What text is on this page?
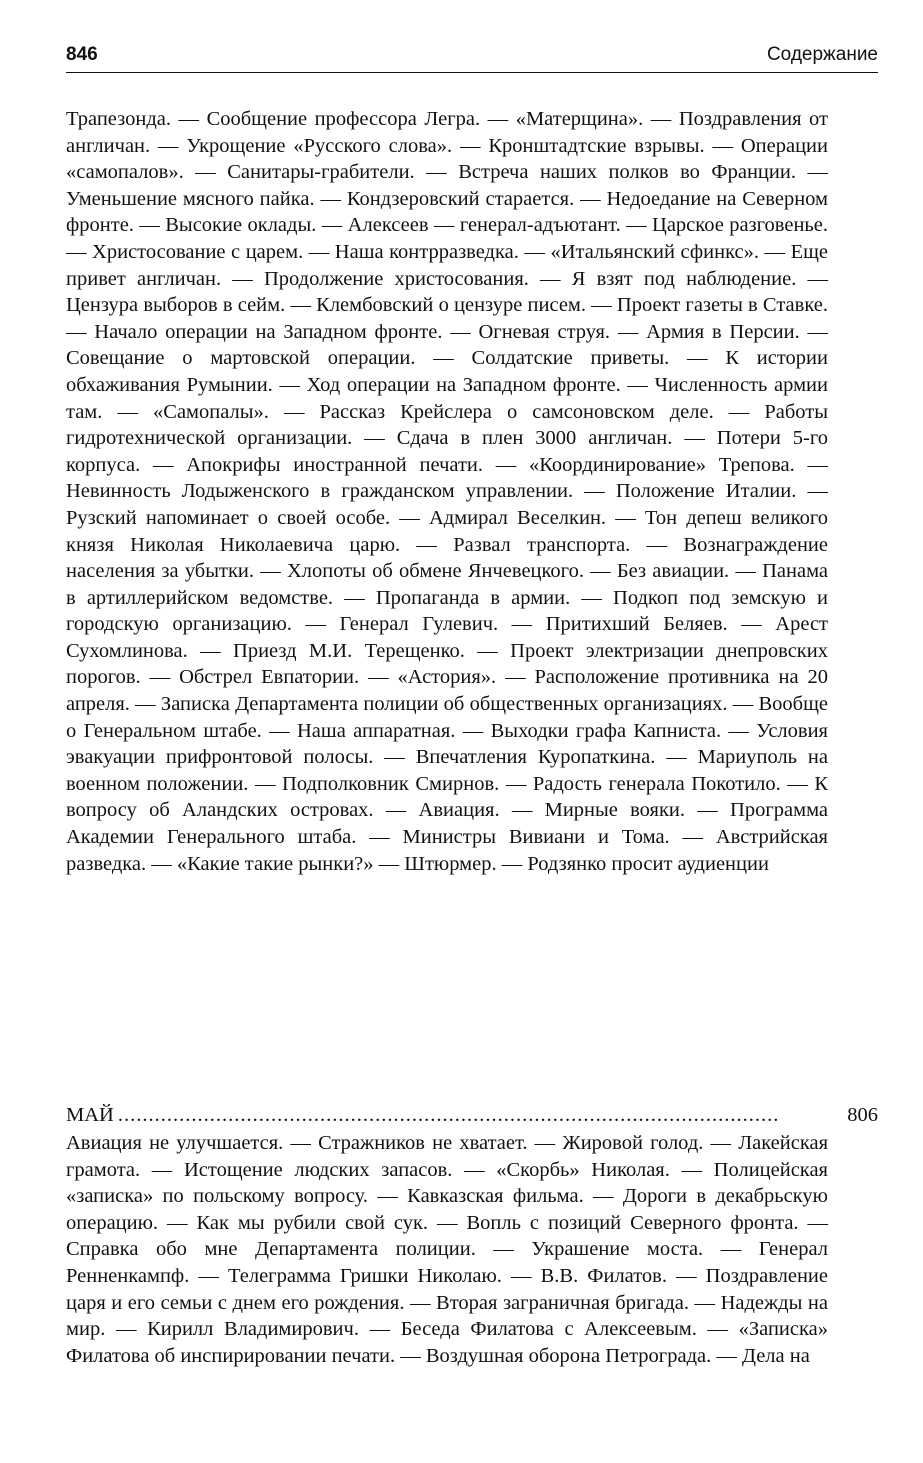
846	Содержание

Трапезонда. — Сообщение профессора Легра. — «Матерщина». — Поздравления от англичан. — Укрощение «Русского слова». — Кронштадтские взрывы. — Операции «самопалов». — Санитары-грабители. — Встреча наших полков во Франции. — Уменьшение мясного пайка. — Кондзеровский старается. — Недоедание на Северном фронте. — Высокие оклады. — Алексеев — генерал-адъютант. — Царское разговенье. — Христосование с царем. — Наша контрразведка. — «Итальянский сфинкс». — Еще привет англичан. — Продолжение христосования. — Я взят под наблюдение. — Цензура выборов в сейм. — Клембовский о цензуре писем. — Проект газеты в Ставке. — Начало операции на Западном фронте. — Огневая струя. — Армия в Персии. — Совещание о мартовской операции. — Солдатские приветы. — К истории обхаживания Румынии. — Ход операции на Западном фронте. — Численность армии там. — «Самопалы». — Рассказ Крейслера о самсоновском деле. — Работы гидротехнической организации. — Сдача в плен 3000 англичан. — Потери 5-го корпуса. — Апокрифы иностранной печати. — «Координирование» Трепова. — Невинность Лодыженского в гражданском управлении. — Положение Италии. — Рузский напоминает о своей особе. — Адмирал Веселкин. — Тон депеш великого князя Николая Николаевича царю. — Развал транспорта. — Вознаграждение населения за убытки. — Хлопоты об обмене Янчевецкого. — Без авиации. — Панама в артиллерийском ведомстве. — Пропаганда в армии. — Подкоп под земскую и городскую организацию. — Генерал Гулевич. — Притихший Беляев. — Арест Сухомлинова. — Приезд М.И. Терещенко. — Проект электризации днепровских порогов. — Обстрел Евпатории. — «Астория». — Расположение противника на 20 апреля. — Записка Департамента полиции об общественных организациях. — Вообще о Генеральном штабе. — Наша аппаратная. — Выходки графа Капниста. — Условия эвакуации прифронтовой полосы. — Впечатления Куропаткина. — Мариуполь на военном положении. — Подполковник Смирнов. — Радость генерала Покотило. — К вопросу об Аландских островах. — Авиация. — Мирные вояки. — Программа Академии Генерального штаба. — Министры Вивиани и Тома. — Австрийская разведка. — «Какие такие рынки?» — Штюрмер. — Родзянко просит аудиенции

МАЙ ............................................................................................................	806

Авиация не улучшается. — Стражников не хватает. — Жировой голод. — Лакейская грамота. — Истощение людских запасов. — «Скорбь» Николая. — Полицейская «записка» по польскому вопросу. — Кавказская фильма. — Дороги в декабрьскую операцию. — Как мы рубили свой сук. — Вопль с позиций Северного фронта. — Справка обо мне Департамента полиции. — Украшение моста. — Генерал Ренненкампф. — Телеграмма Гришки Николаю. — В.В. Филатов. — Поздравление царя и его семьи с днем его рождения. — Вторая заграничная бригада. — Надежды на мир. — Кирилл Владимирович. — Беседа Филатова с Алексеевым. — «Записка» Филатова об инспирировании печати. — Воздушная оборона Петрограда. — Дела на
